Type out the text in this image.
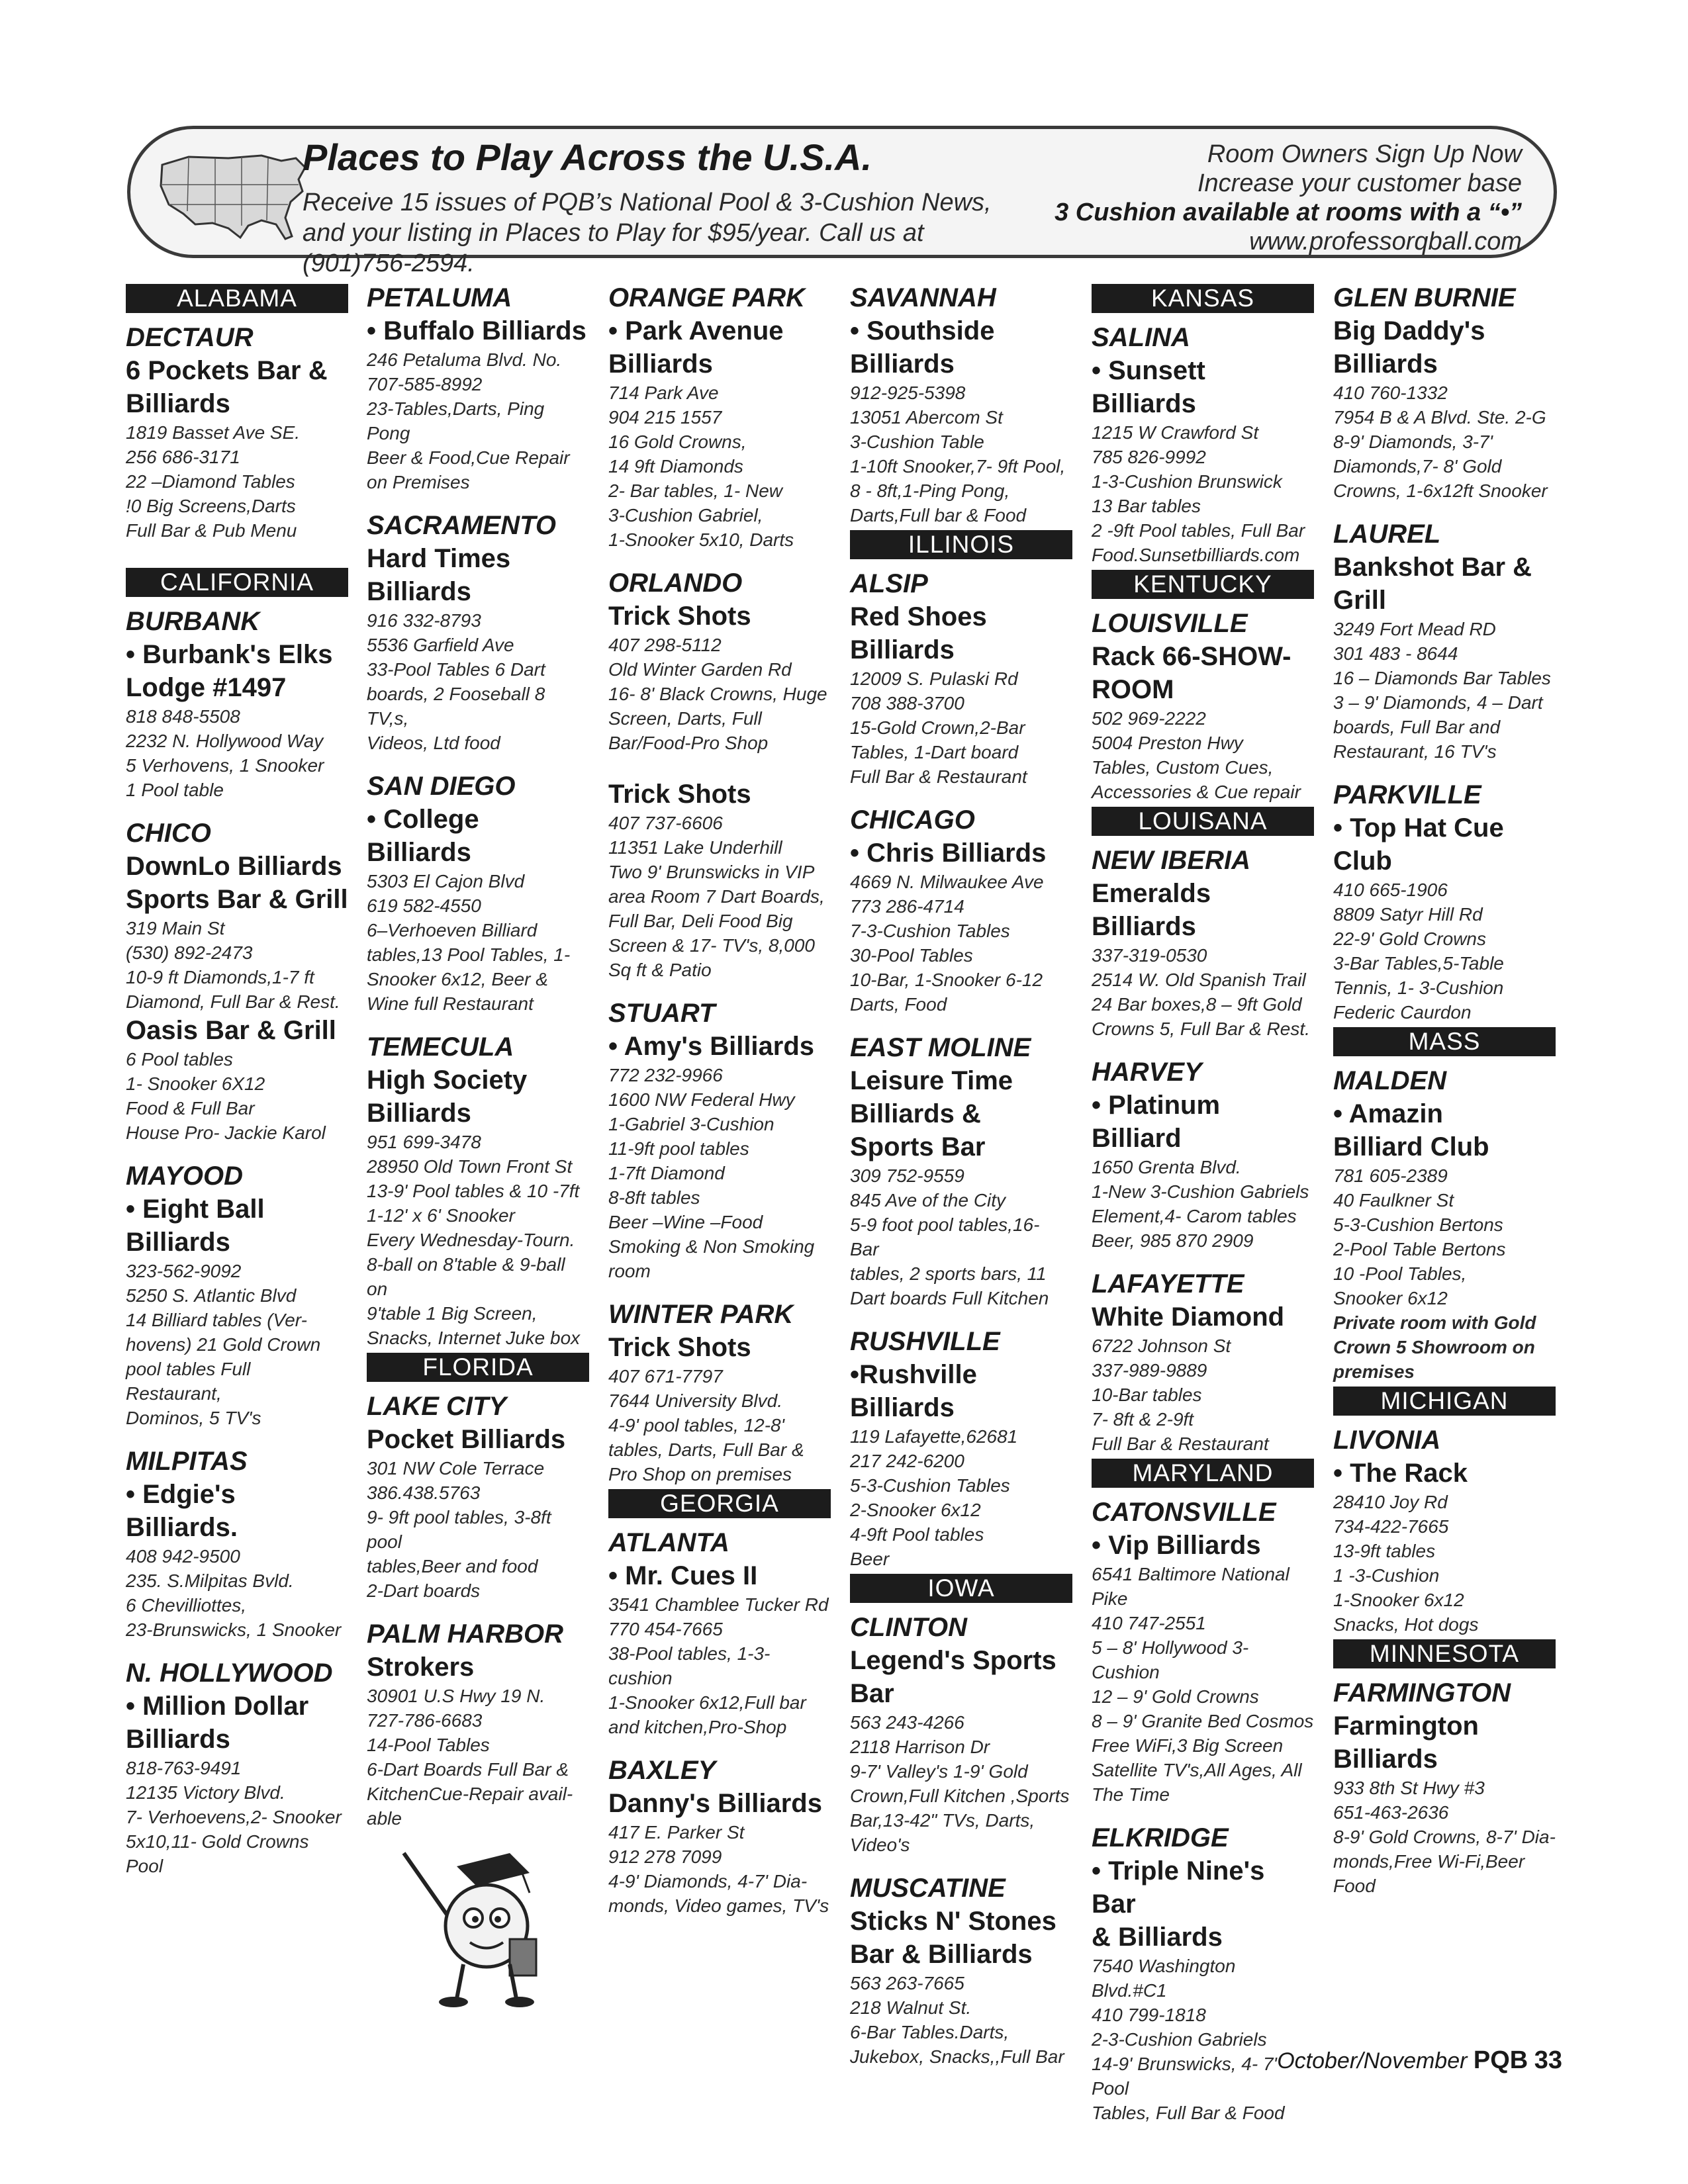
Places to Play Across the U.S.A.
Receive 15 issues of PQB’s National Pool & 3-Cushion News,
and your listing in Places to Play for $95/year. Call us at (901)756-2594.
Room Owners Sign Up Now
Increase your customer base
3 Cushion available at rooms with a “•”
www.professorqball.com
ALABAMA
DECTAUR
6 Pockets Bar &
Billiards
1819 Basset Ave SE.
256 686-3171
22 –Diamond Tables
!0 Big Screens,Darts
Full Bar & Pub Menu
CALIFORNIA
BURBANK
• Burbank's Elks
Lodge #1497
818 848-5508
2232 N. Hollywood Way
5 Verhovens, 1 Snooker
1 Pool table
CHICO
DownLo Billiards
Sports Bar & Grill
319 Main St
(530) 892-2473
10-9 ft Diamonds,1-7 ft
Diamond, Full Bar & Rest.
Oasis Bar & Grill
6 Pool tables
1- Snooker 6X12
Food & Full Bar
House Pro- Jackie Karol
MAYOOD
• Eight Ball Billiards
323-562-9092
5250 S. Atlantic Blvd
14 Billiard tables (Ver-
hovens) 21 Gold Crown
pool tables Full Restaurant,
Dominos, 5 TV's
MILPITAS
• Edgie's Billiards.
408 942-9500
235. S.Milpitas Bvld.
6 Chevilliottes,
23-Brunswicks, 1 Snooker
N. HOLLYWOOD
• Million Dollar
Billiards
818-763-9491
12135 Victory Blvd.
7- Verhoevens,2- Snooker
5x10,11- Gold Crowns Pool
PETALUMA
• Buffalo Billiards
246 Petaluma Blvd. No.
707-585-8992
23-Tables,Darts, Ping Pong
Beer & Food,Cue Repair
on Premises
SACRAMENTO
Hard Times
Billiards
916 332-8793
5536 Garfield Ave
33-Pool Tables 6 Dart
boards, 2 Fooseball 8 TV,s,
Videos, Ltd food
SAN DIEGO
• College Billiards
5303 El Cajon Blvd
619 582-4550
6–Verhoeven Billiard
tables,13 Pool Tables, 1-
Snooker 6x12, Beer &
Wine full Restaurant
TEMECULA
High Society
Billiards
951 699-3478
28950 Old Town Front St
13-9' Pool tables & 10 -7ft
1-12' x 6' Snooker
Every Wednesday-Tourn.
8-ball on 8'table & 9-ball on
9'table 1 Big Screen,
Snacks, Internet Juke box
FLORIDA
LAKE CITY
Pocket Billiards
301 NW Cole Terrace
386.438.5763
9- 9ft pool tables, 3-8ft pool
tables,Beer and food
2-Dart boards
PALM HARBOR
Strokers
30901 U.S Hwy 19 N.
727-786-6683
14-Pool Tables
6-Dart Boards Full Bar &
KitchenCue-Repair avail-
able
ORANGE PARK
• Park Avenue
Billiards
714 Park Ave
904 215 1557
16 Gold Crowns,
14 9ft Diamonds
2- Bar tables, 1- New
3-Cushion Gabriel,
1-Snooker 5x10, Darts
ORLANDO
Trick Shots
407 298-5112
Old Winter Garden Rd
16- 8' Black Crowns, Huge
Screen, Darts, Full
Bar/Food-Pro Shop
Trick Shots
407 737-6606
11351 Lake Underhill
Two 9' Brunswicks in VIP
area Room 7 Dart Boards,
Full Bar, Deli Food Big
Screen & 17- TV's, 8,000
Sq ft & Patio
STUART
• Amy's Billiards
772 232-9966
1600 NW Federal Hwy
1-Gabriel 3-Cushion
11-9ft pool tables
1-7ft Diamond
8-8ft tables
Beer –Wine –Food
Smoking & Non Smoking
room
WINTER PARK
Trick Shots
407 671-7797
7644 University Blvd.
4-9' pool tables, 12-8'
tables, Darts, Full Bar &
Pro Shop on premises
GEORGIA
ATLANTA
• Mr. Cues II
3541 Chamblee Tucker Rd
770 454-7665
38-Pool tables, 1-3-cushion
1-Snooker 6x12,Full bar
and kitchen,Pro-Shop
BAXLEY
Danny's Billiards
417 E. Parker St
912 278 7099
4-9' Diamonds, 4-7' Dia-
monds, Video games, TV's
SAVANNAH
• Southside Billiards
912-925-5398
13051 Abercom St
3-Cushion Table
1-10ft Snooker,7- 9ft Pool,
8 - 8ft,1-Ping Pong,
Darts,Full bar & Food
ILLINOIS
ALSIP
Red Shoes Billiards
12009 S. Pulaski Rd
708 388-3700
15-Gold Crown,2-Bar
Tables, 1-Dart board
Full Bar & Restaurant
CHICAGO
• Chris Billiards
4669 N. Milwaukee Ave
773 286-4714
7-3-Cushion Tables
30-Pool Tables
10-Bar, 1-Snooker 6-12
Darts, Food
EAST MOLINE
Leisure Time
Billiards &
Sports Bar
309 752-9559
845 Ave of the City
5-9 foot pool tables,16- Bar
tables, 2 sports bars, 11
Dart boards Full Kitchen
RUSHVILLE
•Rushville Billiards
119 Lafayette,62681
217 242-6200
5-3-Cushion Tables
2-Snooker 6x12
4-9ft Pool tables
Beer
IOWA
CLINTON
Legend's Sports Bar
563 243-4266
2118 Harrison Dr
9-7' Valley's 1-9' Gold
Crown,Full Kitchen ,Sports
Bar,13-42" TVs, Darts,
Video's
MUSCATINE
Sticks N' Stones
Bar & Billiards
563 263-7665
218 Walnut St.
6-Bar Tables.Darts,
Jukebox, Snacks,,Full Bar
KANSAS
SALINA
• Sunsett Billiards
1215 W Crawford St
785 826-9992
1-3-Cushion Brunswick
13 Bar tables
2 -9ft Pool tables, Full Bar
Food.Sunsetbilliards.com
KENTUCKY
LOUISVILLE
Rack 66-SHOW-
ROOM
502 969-2222
5004 Preston Hwy
Tables, Custom Cues,
Accessories & Cue repair
LOUISANA
NEW IBERIA
Emeralds Billiards
337-319-0530
2514 W. Old Spanish Trail
24 Bar boxes,8 – 9ft Gold
Crowns 5, Full Bar & Rest.
HARVEY
• Platinum Billiard
1650 Grenta Blvd.
1-New 3-Cushion Gabriels
Element,4- Carom tables
Beer, 985 870 2909
LAFAYETTE
White Diamond
6722 Johnson St
337-989-9889
10-Bar tables
7- 8ft & 2-9ft
Full Bar & Restaurant
MARYLAND
CATONSVILLE
• Vip Billiards
6541 Baltimore National
Pike
410 747-2551
5 – 8' Hollywood 3-Cushion
12 – 9' Gold Crowns
8 – 9' Granite Bed Cosmos
Free WiFi,3 Big Screen
Satellite TV's,All Ages, All
The Time
ELKRIDGE
• Triple Nine's Bar
& Billiards
7540 Washington Blvd.#C1
410 799-1818
2-3-Cushion Gabriels
14-9' Brunswicks, 4- 7' Pool
Tables, Full Bar & Food
GLEN BURNIE
Big Daddy's
Billiards
410 760-1332
7954 B & A Blvd. Ste. 2-G
8-9' Diamonds, 3-7'
Diamonds,7- 8' Gold
Crowns, 1-6x12ft Snooker
LAUREL
Bankshot Bar & Grill
3249 Fort Mead RD
301 483 - 8644
16 – Diamonds Bar Tables
3 – 9' Diamonds, 4 – Dart
boards, Full Bar and
Restaurant, 16 TV's
PARKVILLE
• Top Hat Cue Club
410 665-1906
8809 Satyr Hill Rd
22-9' Gold Crowns
3-Bar Tables,5-Table
Tennis, 1- 3-Cushion
Federic Caurdon
MASS
MALDEN
• Amazin
Billiard Club
781 605-2389
40 Faulkner St
5-3-Cushion Bertons
2-Pool Table Bertons
10 -Pool Tables,
Snooker 6x12
Private room with Gold
Crown 5 Showroom on
premises
MICHIGAN
LIVONIA
• The Rack
28410 Joy Rd
734-422-7665
13-9ft tables
1 -3-Cushion
1-Snooker 6x12
Snacks, Hot dogs
MINNESOTA
FARMINGTON
Farmington
Billiards
933 8th St Hwy #3
651-463-2636
8-9' Gold Crowns, 8-7' Dia-
monds,Free Wi-Fi,Beer Food
October/November PQB 33
